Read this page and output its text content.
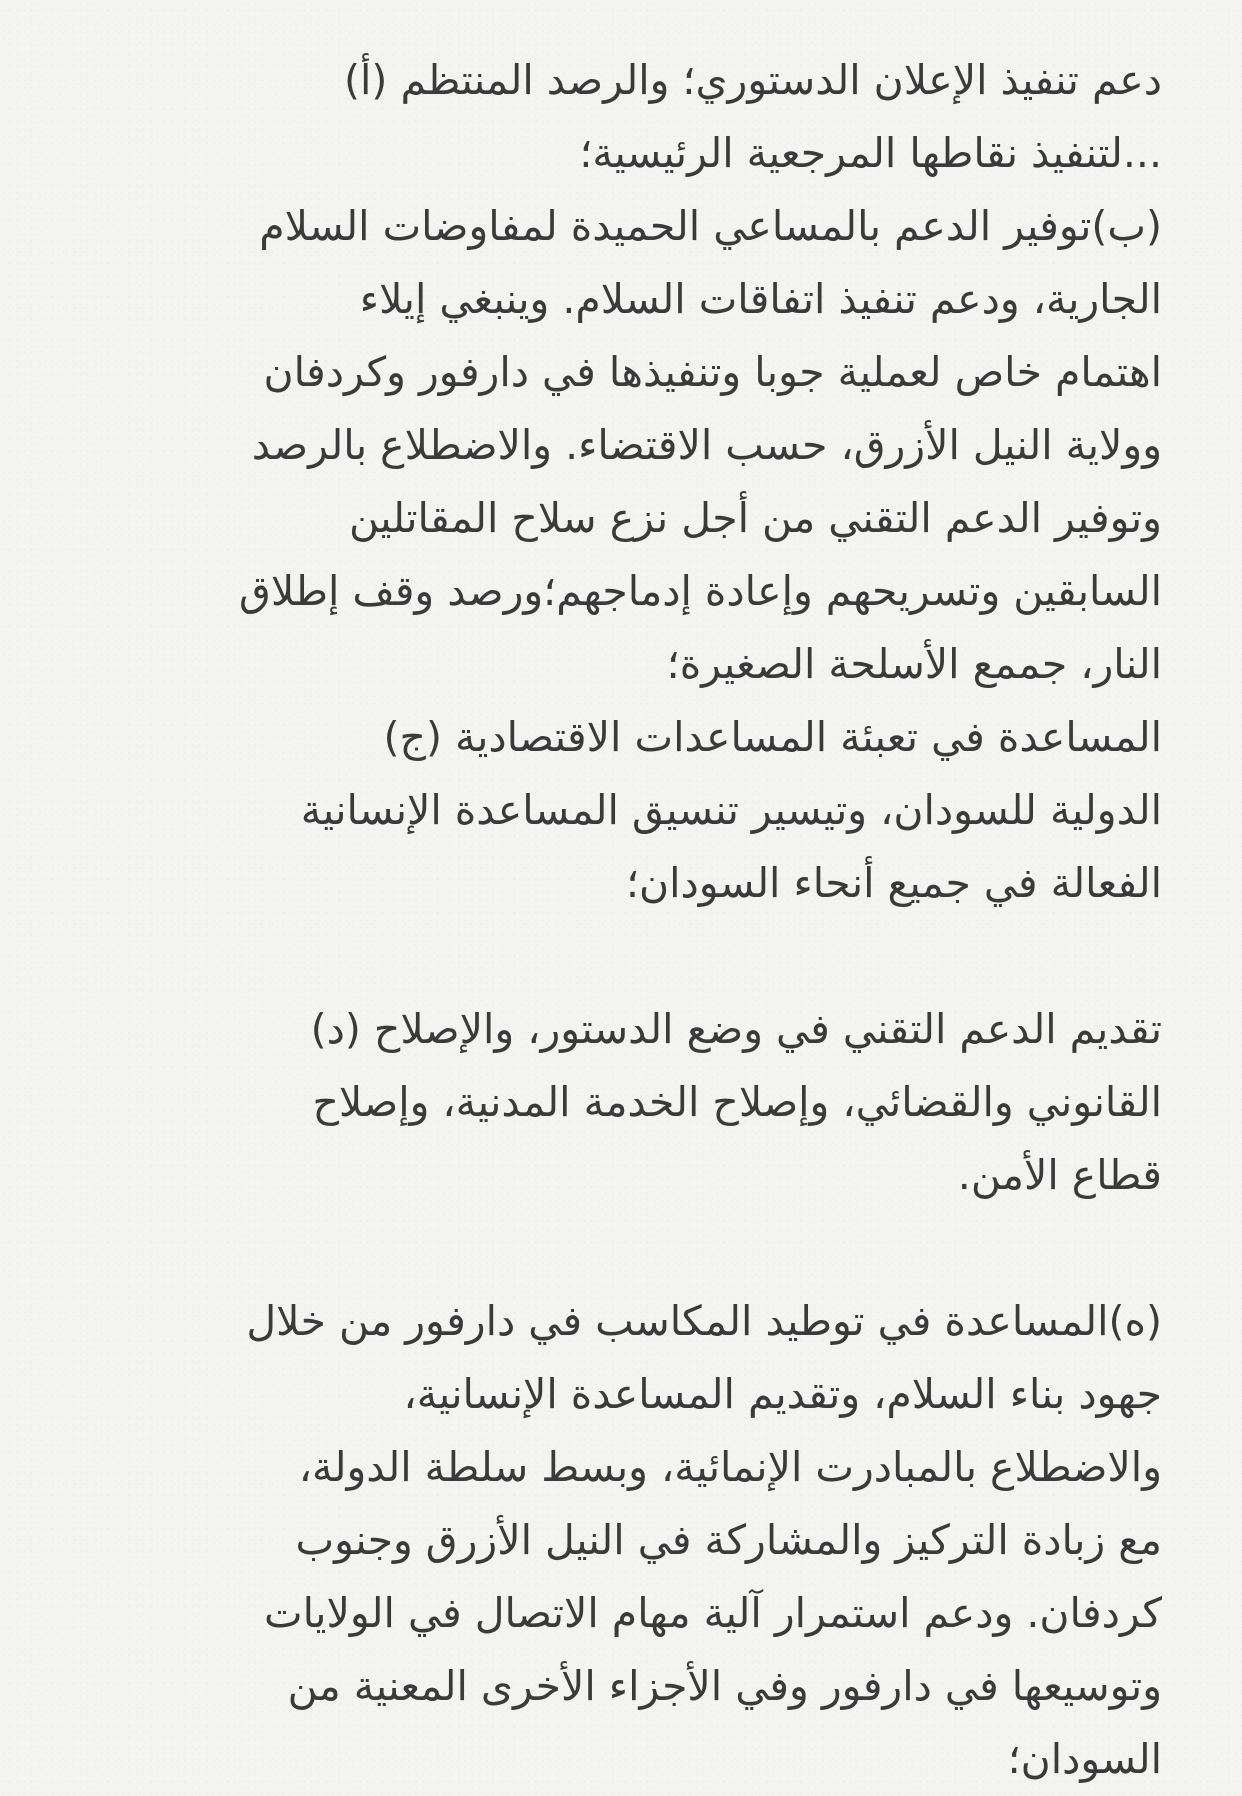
دعم تنفيذ الإعلان الدستوري؛ والرصد المنتظم (أ)
...لتنفيذ نقاطها المرجعية الرئيسية؛
(ب)توفير الدعم بالمساعي الحميدة لمفاوضات السلام
الجارية، ودعم تنفيذ اتفاقات السلام. وينبغي إيلاء
اهتمام خاص لعملية جوبا وتنفيذها في دارفور وكردفان
وولاية النيل الأزرق، حسب الاقتضاء. والاضطلاع بالرصد
وتوفير الدعم التقني من أجل نزع سلاح المقاتلين
السابقين وتسريحهم وإعادة إدماجهم؛ورصد وقف إطلاق
النار، جممع الأسلحة الصغيرة؛
المساعدة في تعبئة المساعدات الاقتصادية (ج)
الدولية للسودان، وتيسير تنسيق المساعدة الإنسانية
الفعالة في جميع أنحاء السودان؛
تقديم الدعم التقني في وضع الدستور، والإصلاح (د)
القانوني والقضائي، وإصلاح الخدمة المدنية، وإصلاح
قطاع الأمن.
(ه)المساعدة في توطيد المكاسب في دارفور من خلال
جهود بناء السلام، وتقديم المساعدة الإنسانية،
والاضطلاع بالمبادرت الإنمائية، وبسط سلطة الدولة،
مع زبادة التركيز والمشاركة في النيل الأزرق وجنوب
كردفان. ودعم استمرار آلية مهام الاتصال في الولايات
وتوسيعها في دارفور وفي الأجزاء الأخرى المعنية من
السودان؛
